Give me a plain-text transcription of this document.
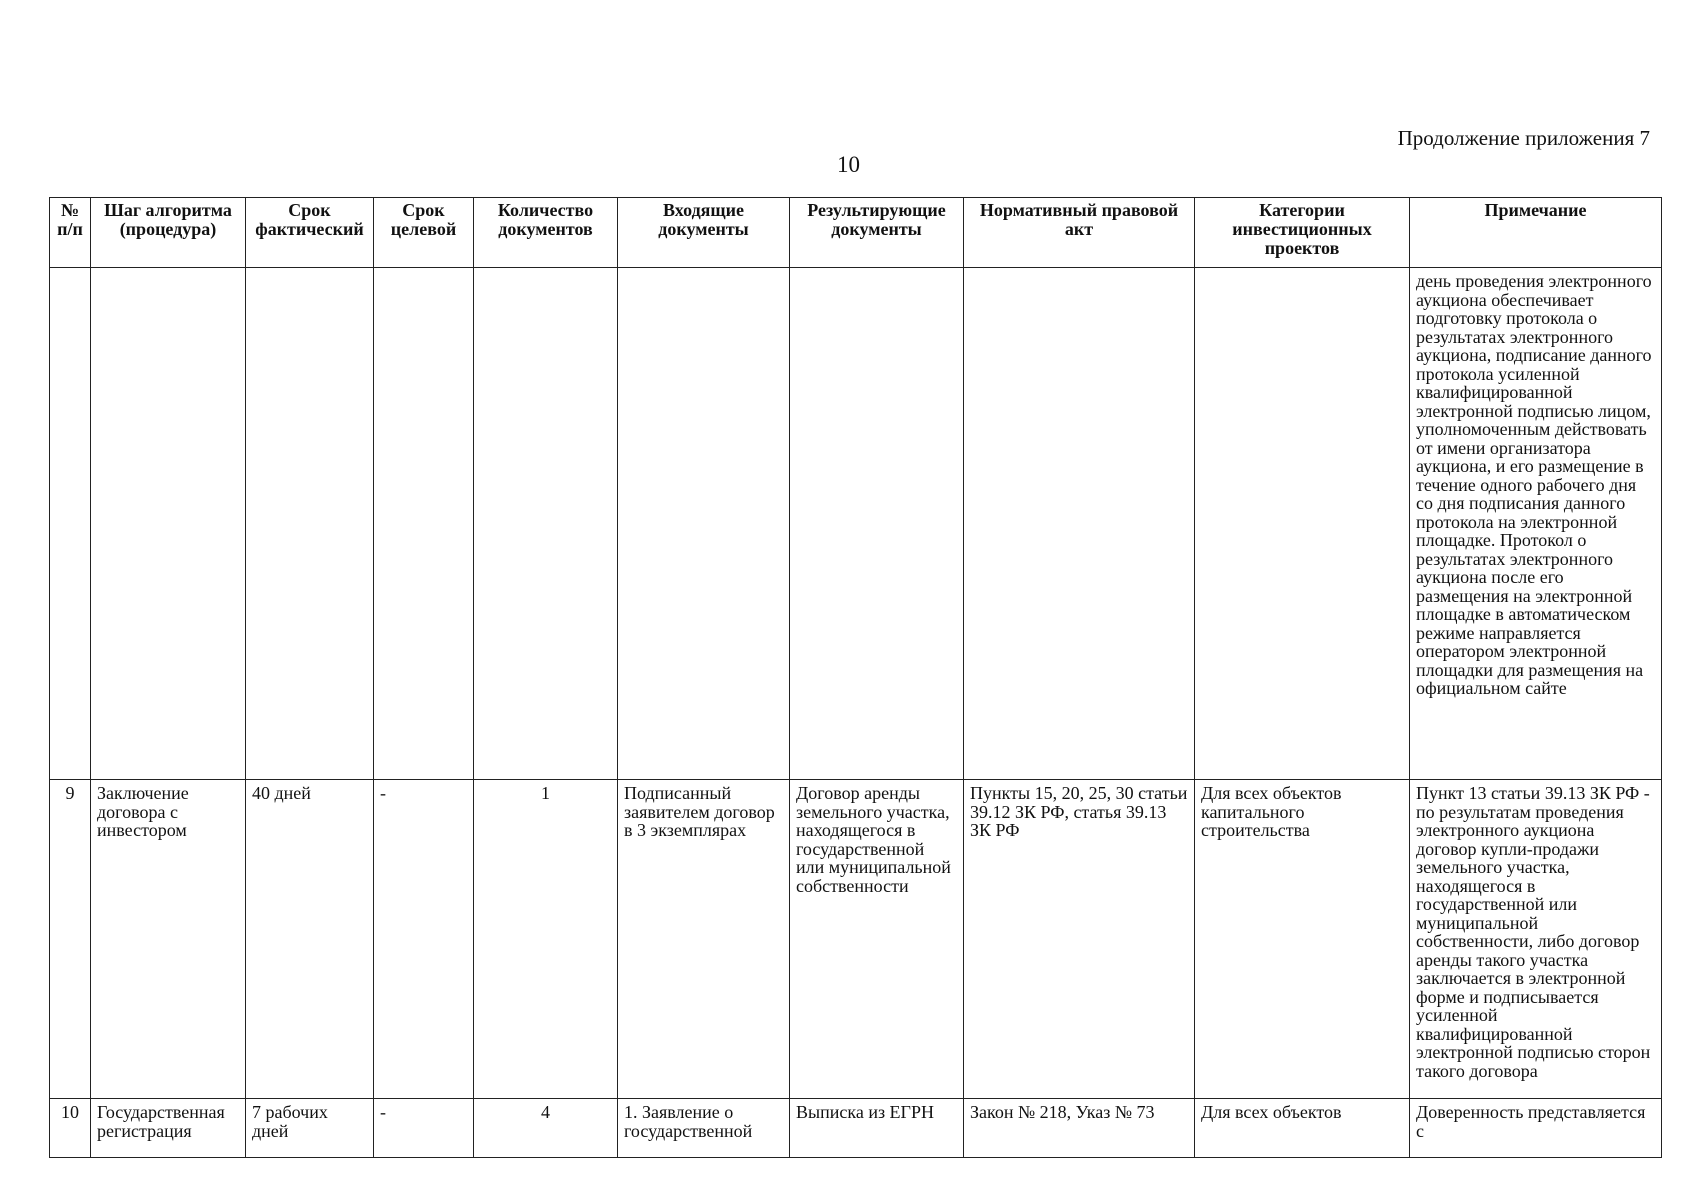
Продолжение приложения 7
10
№ п/п	Шаг алгоритма (процедура)	Срок фактический	Срок целевой	Количество документов	Входящие документы	Результирующие документы	Нормативный правовой акт	Категории инвестиционных проектов	Примечание
									день проведения электронного аукциона обеспечивает подготовку протокола о результатах электронного аукциона, подписание данного протокола усиленной квалифицированной электронной подписью лицом, уполномоченным действовать от имени организатора аукциона, и его размещение в течение одного рабочего дня со дня подписания данного протокола на электронной площадке. Протокол о результатах электронного аукциона после его размещения на электронной площадке в автоматическом режиме направляется оператором электронной площадки для размещения на официальном сайте
9	Заключение договора с инвестором	40 дней	-	1	Подписанный заявителем договор в 3 экземплярах	Договор аренды земельного участка, находящегося в государственной или муниципальной собственности	Пункты 15, 20, 25, 30 статьи 39.12 ЗК РФ, статья 39.13 ЗК РФ	Для всех объектов капитального строительства	Пункт 13 статьи 39.13 ЗК РФ - по результатам проведения электронного аукциона договор купли-продажи земельного участка, находящегося в государственной или муниципальной собственности, либо договор аренды такого участка заключается в электронной форме и подписывается усиленной квалифицированной электронной подписью сторон такого договора
10	Государственная регистрация	7 рабочих дней	-	4	1. Заявление о государственной	Выписка из ЕГРН	Закон № 218, Указ № 73	Для всех объектов	Доверенность представляется с
